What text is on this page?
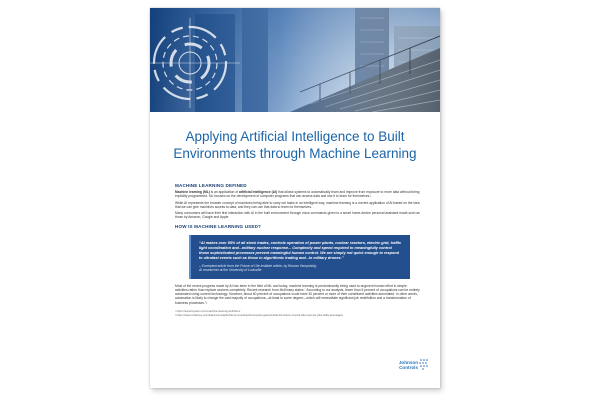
Applying Artificial Intelligence to Built
Environments through Machine Learning
MACHINE LEARNING DEFINED

Machine learning (ML) is an application of artificial intelligence (AI) that allows systems to automatically learn and improve from exposure to more data without being explicitly programmed. ML focuses on the development of computer programs that can access data and use it to learn for themselves.¹

While AI represents the broader concept of machines being able to carry out tasks in an intelligent way, machine learning is a current application of AI based on the idea that we can give machines access to data, and they can use that data to learn for themselves.

Many consumers will have their first interaction with AI in the built environment through voice commands given to a smart home-device personal assistant made such as those by Amazon, Google and Apple.

HOW IS MACHINE LEARNING USED?
“AI makes over 85% of all stock trades, controls operation of power plants, nuclear reactors, electric grid, traffic light coordination and...military nuclear response... Complexity and speed required to meaningfully control those sophisticated processes prevent meaningful human control. We are simply not quick enough to respond to ultrafast events such as those in algorithmic trading and...in military drones.”
– Excerpted article from the Future of Life Institute article, by Roman Yampolskiy,
AI researcher at the University of Louisville

Most of the recent progress made by AI has been in the field of ML and today, machine learning is predominantly being used to augment human effort in simple activities rather than replace workers completely. Recent research from McKinsey states: “According to our analysis, fewer than 5 percent of occupations can be entirely automated using current technology. However, about 60 percent of occupations could have 30 percent or more of their constituent activities automated. In other words, automation is likely to change the vast majority of occupations—at least to some degree—which will necessitate significant job redefinition and a transformation of business processes.”²

¹ https://expertsystem.com/machine-learning-definition/
² https://www.mckinsey.com/featured-insights/future-of-work/jobs-lost-jobs-gained-what-the-future-of-work-will-mean-for-jobs-skills-and-wages
Johnson
Controls
